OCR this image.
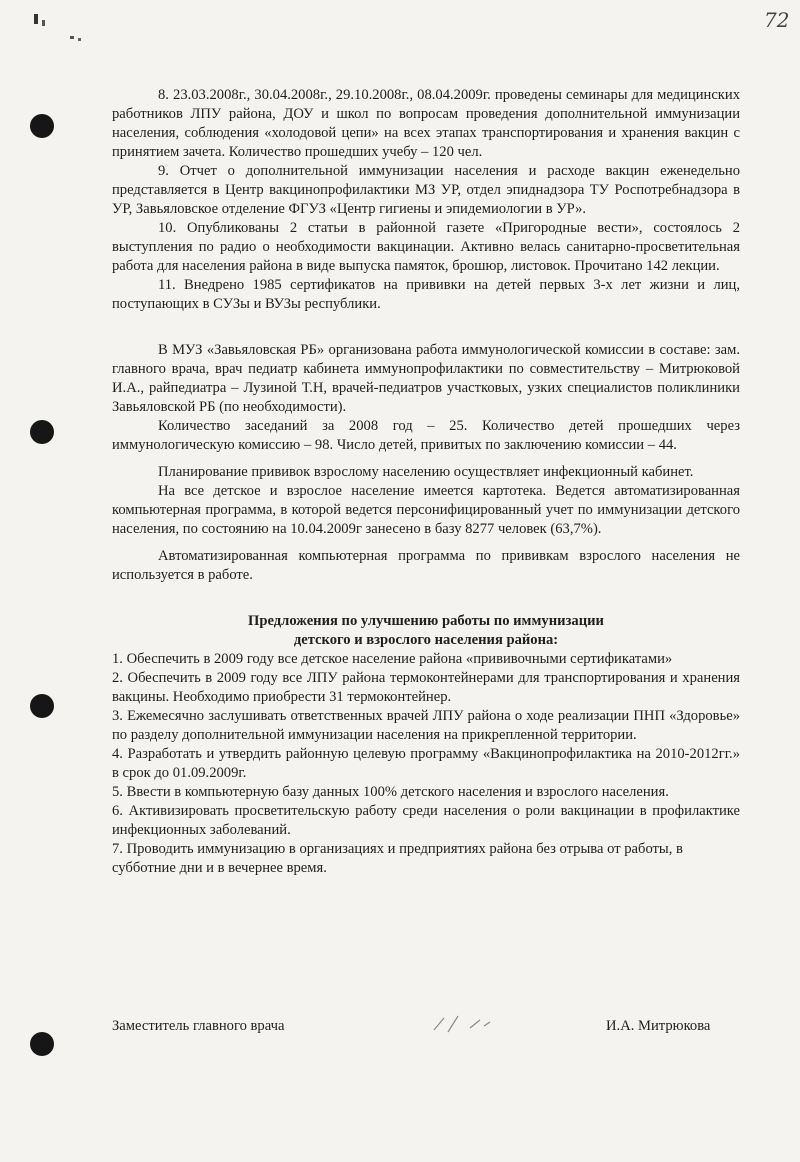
72

8. 23.03.2008г., 30.04.2008г., 29.10.2008г., 08.04.2009г. проведены семинары для медицинских работников ЛПУ района, ДОУ и школ по вопросам проведения дополнительной иммунизации населения, соблюдения «холодовой цепи» на всех этапах транспортирования и хранения вакцин с принятием зачета. Количество прошедших учебу – 120 чел.

9. Отчет о дополнительной иммунизации населения и расходе вакцин еженедельно представляется в Центр вакцинопрофилактики МЗ УР, отдел эпиднадзора ТУ Роспотребнадзора в УР, Завьяловское отделение ФГУЗ «Центр гигиены и эпидемиологии в УР».

10. Опубликованы 2 статьи в районной газете «Пригородные вести», состоялось 2 выступления по радио о необходимости вакцинации. Активно велась санитарно-просветительная работа для населения района в виде выпуска памяток, брошюр, листовок. Прочитано 142 лекции.

11. Внедрено 1985 сертификатов на прививки на детей первых 3-х лет жизни и лиц, поступающих в СУЗы и ВУЗы республики.

В МУЗ «Завьяловская РБ» организована работа иммунологической комиссии в составе: зам. главного врача, врач педиатр кабинета иммунопрофилактики по совместительству – Митрюковой И.А., райпедиатра – Лузиной Т.Н, врачей-педиатров участковых, узких специалистов поликлиники Завьяловской РБ (по необходимости).

Количество заседаний за 2008 год – 25. Количество детей прошедших через иммунологическую комиссию – 98. Число детей, привитых по заключению комиссии – 44.

Планирование прививок взрослому населению осуществляет инфекционный кабинет.

На все детское и взрослое население имеется картотека. Ведется автоматизированная компьютерная программа, в которой ведется персонифицированный учет по иммунизации детского населения, по состоянию на 10.04.2009г занесено в базу 8277 человек (63,7%).

Автоматизированная компьютерная программа по прививкам взрослого населения не используется в работе.

Предложения по улучшению работы по иммунизации

детского и взрослого населения района:

1. Обеспечить в 2009 году все детское население района «прививочными сертификатами»

2. Обеспечить в 2009 году все ЛПУ района термоконтейнерами для транспортирования и хранения вакцины. Необходимо приобрести 31 термоконтейнер.

3. Ежемесячно заслушивать ответственных врачей ЛПУ района о ходе реализации ПНП «Здоровье» по разделу дополнительной иммунизации населения на прикрепленной территории.

4. Разработать и утвердить районную целевую программу «Вакцинопрофилактика на 2010-2012гг.» в срок до 01.09.2009г.

5. Ввести в компьютерную базу данных 100% детского населения и взрослого населения.

6. Активизировать просветительскую работу среди населения о роли вакцинации в профилактике инфекционных заболеваний.

7. Проводить иммунизацию в организациях и предприятиях района без отрыва от работы, в субботние дни и в вечернее время.

Заместитель главного врача	И.А. Митрюкова
